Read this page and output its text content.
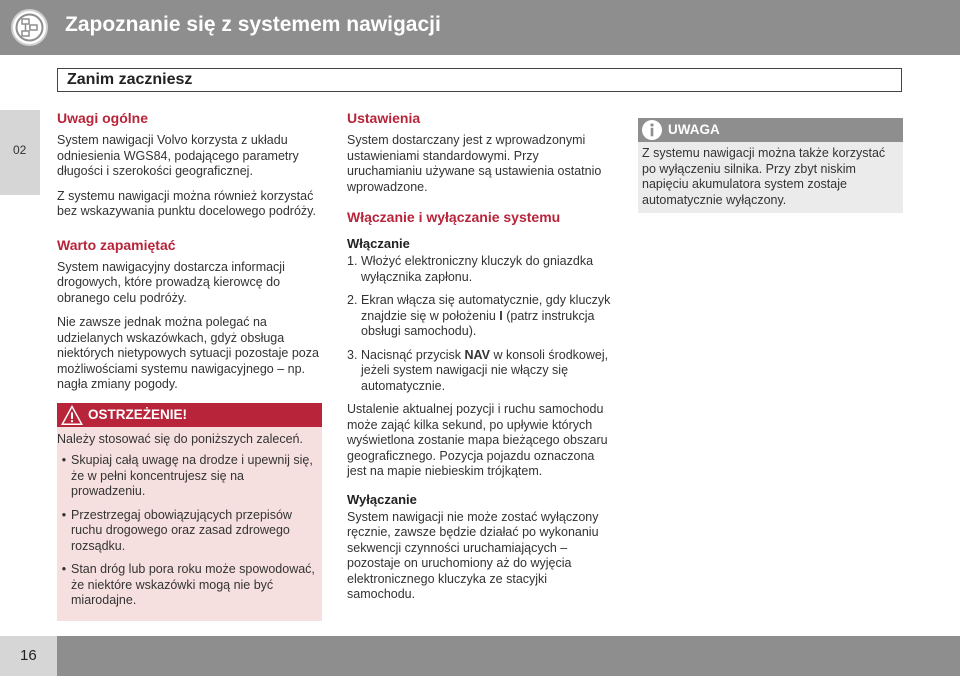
Zapoznanie się z systemem nawigacji
Zanim zaczniesz
02
Uwagi ogólne

System nawigacji Volvo korzysta z układu odniesienia WGS84, podającego parametry długości i szerokości geograficznej.

Z systemu nawigacji można również korzystać bez wskazywania punktu docelowego podróży.

Warto zapamiętać

System nawigacyjny dostarcza informacji drogowych, które prowadzą kierowcę do obranego celu podróży.

Nie zawsze jednak można polegać na udzielanych wskazówkach, gdyż obsługa niektórych nietypowych sytuacji pozostaje poza możliwościami systemu nawigacyjnego – np. nagła zmiany pogody.

OSTRZEŻENIE!

Należy stosować się do poniższych zaleceń.

• Skupiaj całą uwagę na drodze i upewnij się, że w pełni koncentrujesz się na prowadzeniu.
• Przestrzegaj obowiązujących przepisów ruchu drogowego oraz zasad zdrowego rozsądku.
• Stan dróg lub pora roku może spowodować, że niektóre wskazówki mogą nie być miarodajne.
Ustawienia

System dostarczany jest z wprowadzonymi ustawieniami standardowymi. Przy uruchamianiu używane są ustawienia ostatnio wprowadzone.

Włączanie i wyłączanie systemu
Włączanie
1. Włożyć elektroniczny kluczyk do gniazdka wyłącznika zapłonu.
2. Ekran włącza się automatycznie, gdy kluczyk znajdzie się w położeniu I (patrz instrukcja obsługi samochodu).
3. Nacisnąć przycisk NAV w konsoli środkowej, jeżeli system nawigacji nie włączy się automatycznie.

Ustalenie aktualnej pozycji i ruchu samochodu może zająć kilka sekund, po upływie których wyświetlona zostanie mapa bieżącego obszaru geograficznego. Pozycja pojazdu oznaczona jest na mapie niebieskim trójkątem.

Wyłączanie

System nawigacji nie może zostać wyłączony ręcznie, zawsze będzie działać po wykonaniu sekwencji czynności uruchamiających – pozostaje on uruchomiony aż do wyjęcia elektronicznego kluczyka ze stacyjki samochodu.

UWAGA
Z systemu nawigacji można także korzystać po wyłączeniu silnika. Przy zbyt niskim napięciu akumulatora system zostaje automatycznie wyłączony.
16
